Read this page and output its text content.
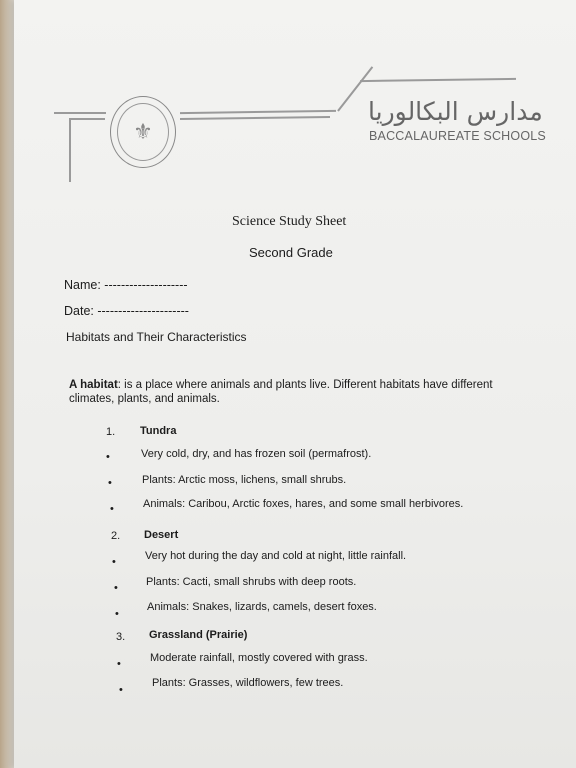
⚜
مدارس البكالوريا
BACCALAUREATE SCHOOLS
Science Study Sheet
Second Grade
Name: --------------------
Date: ----------------------
Habitats and Their Characteristics
A habitat: is a place where animals and plants live. Different habitats have different climates, plants, and animals.
1. Tundra
•	Very cold, dry, and has frozen soil (permafrost).
•	Plants: Arctic moss, lichens, small shrubs.
•	Animals: Caribou, Arctic foxes, hares, and some small herbivores.
2. Desert
•	Very hot during the day and cold at night, little rainfall.
•	Plants: Cacti, small shrubs with deep roots.
•
Animals: Snakes, lizards, camels, desert foxes.
3. Grassland (Prairie)
•	Moderate rainfall, mostly covered with grass.
•
Plants: Grasses, wildflowers, few trees.
